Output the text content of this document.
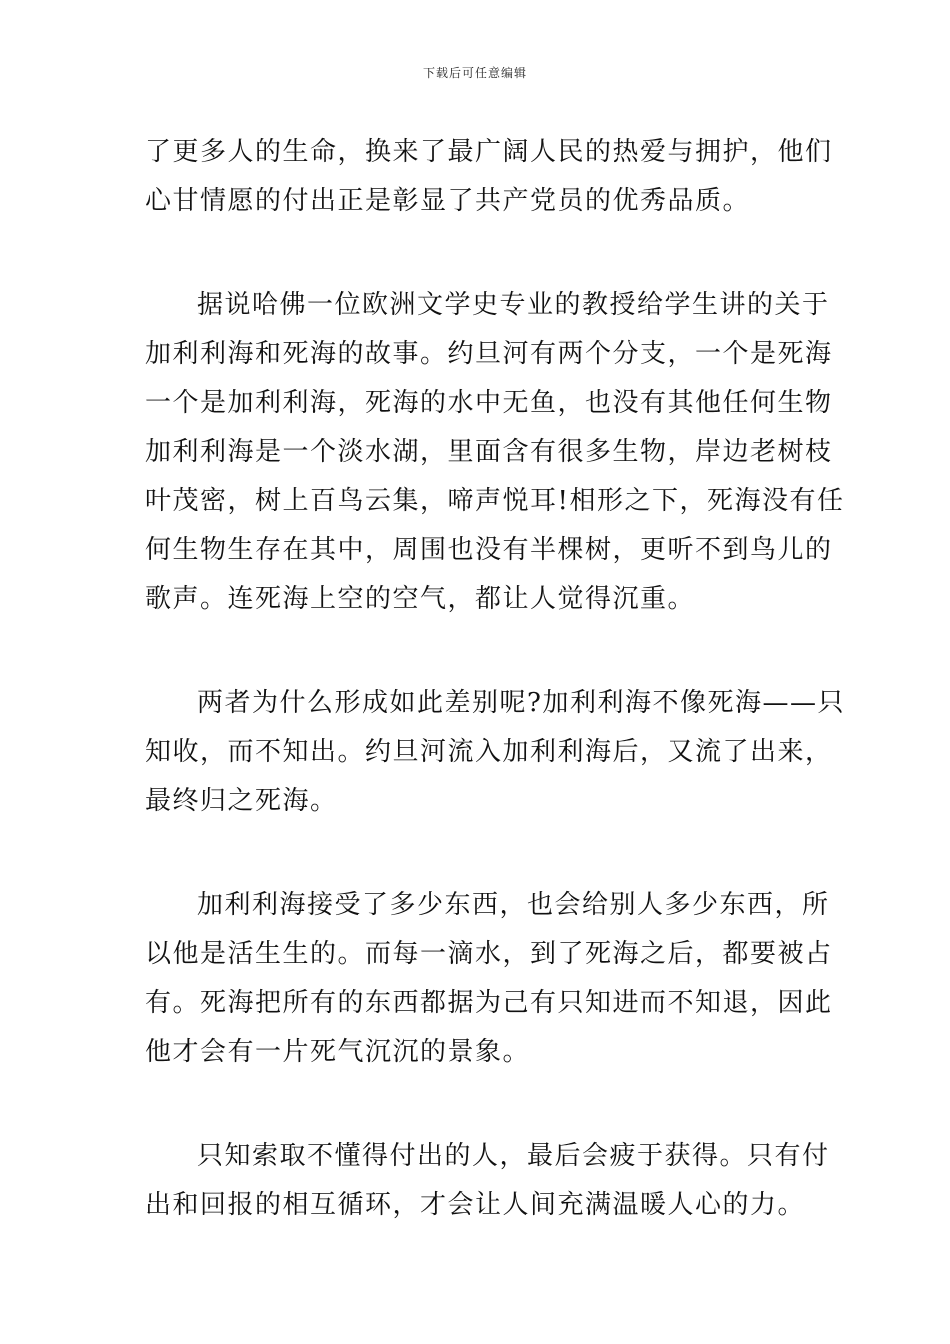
下载后可任意编辑
了更多人的生命，换来了最广阔人民的热爱与拥护，他们
心甘情愿的付出正是彰显了共产党员的优秀品质。
据说哈佛一位欧洲文学史专业的教授给学生讲的关于
加利利海和死海的故事。约旦河有两个分支，一个是死海
一个是加利利海，死海的水中无鱼，也没有其他任何生物
加利利海是一个淡水湖，里面含有很多生物，岸边老树枝
叶茂密，树上百鸟云集，啼声悦耳!相形之下，死海没有任
何生物生存在其中，周围也没有半棵树，更听不到鸟儿的
歌声。连死海上空的空气，都让人觉得沉重。
两者为什么形成如此差别呢?加利利海不像死海——只
知收，而不知出。约旦河流入加利利海后，又流了出来，
最终归之死海。
加利利海接受了多少东西，也会给别人多少东西，所
以他是活生生的。而每一滴水，到了死海之后，都要被占
有。死海把所有的东西都据为己有只知进而不知退，因此
他才会有一片死气沉沉的景象。
只知索取不懂得付出的人，最后会疲于获得。只有付
出和回报的相互循环，才会让人间充满温暖人心的力。
